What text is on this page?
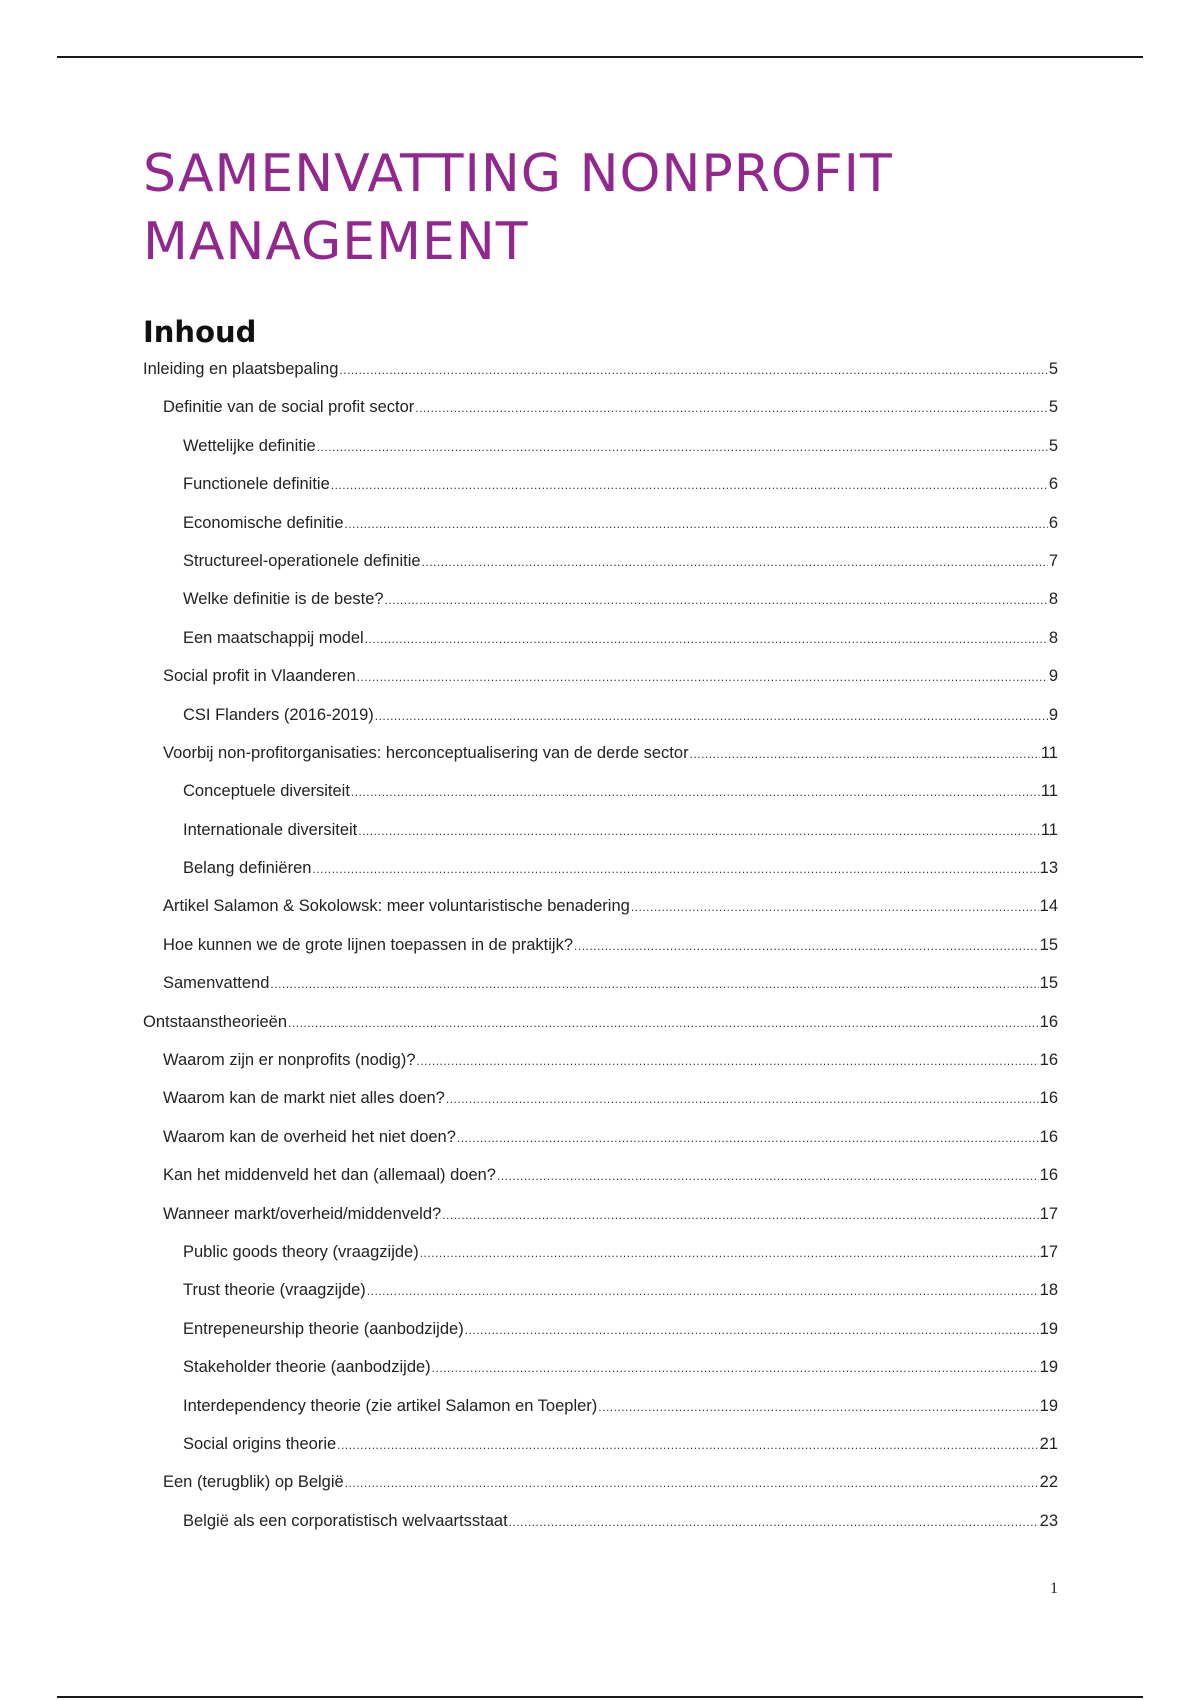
SAMENVATTING NONPROFIT MANAGEMENT
Inhoud
Inleiding en plaatsbepaling .....	5
Definitie van de social profit sector .....	5
Wettelijke definitie .....	5
Functionele definitie .....	6
Economische definitie .....	6
Structureel-operationele definitie .....	7
Welke definitie is de beste? .....	8
Een maatschappij model .....	8
Social profit in Vlaanderen .....	9
CSI Flanders (2016-2019) .....	9
Voorbij non-profitorganisaties: herconceptualisering van de derde sector .....	11
Conceptuele diversiteit .....	11
Internationale diversiteit .....	11
Belang definiëren .....	13
Artikel Salamon & Sokolowsk: meer voluntaristische benadering .....	14
Hoe kunnen we de grote lijnen toepassen in de praktijk? .....	15
Samenvattend .....	15
Ontstaanstheorieën .....	16
Waarom zijn er nonprofits (nodig)? .....	16
Waarom kan de markt niet alles doen? .....	16
Waarom kan de overheid het niet doen? .....	16
Kan het middenveld het dan (allemaal) doen? .....	16
Wanneer markt/overheid/middenveld? .....	17
Public goods theory (vraagzijde) .....	17
Trust theorie (vraagzijde) .....	18
Entrepeneurship theorie (aanbodzijde) .....	19
Stakeholder theorie (aanbodzijde) .....	19
Interdependency theorie (zie artikel Salamon en Toepler) .....	19
Social origins theorie .....	21
Een (terugblik) op België .....	22
België als een corporatistisch welvaartsstaat .....	23
1
